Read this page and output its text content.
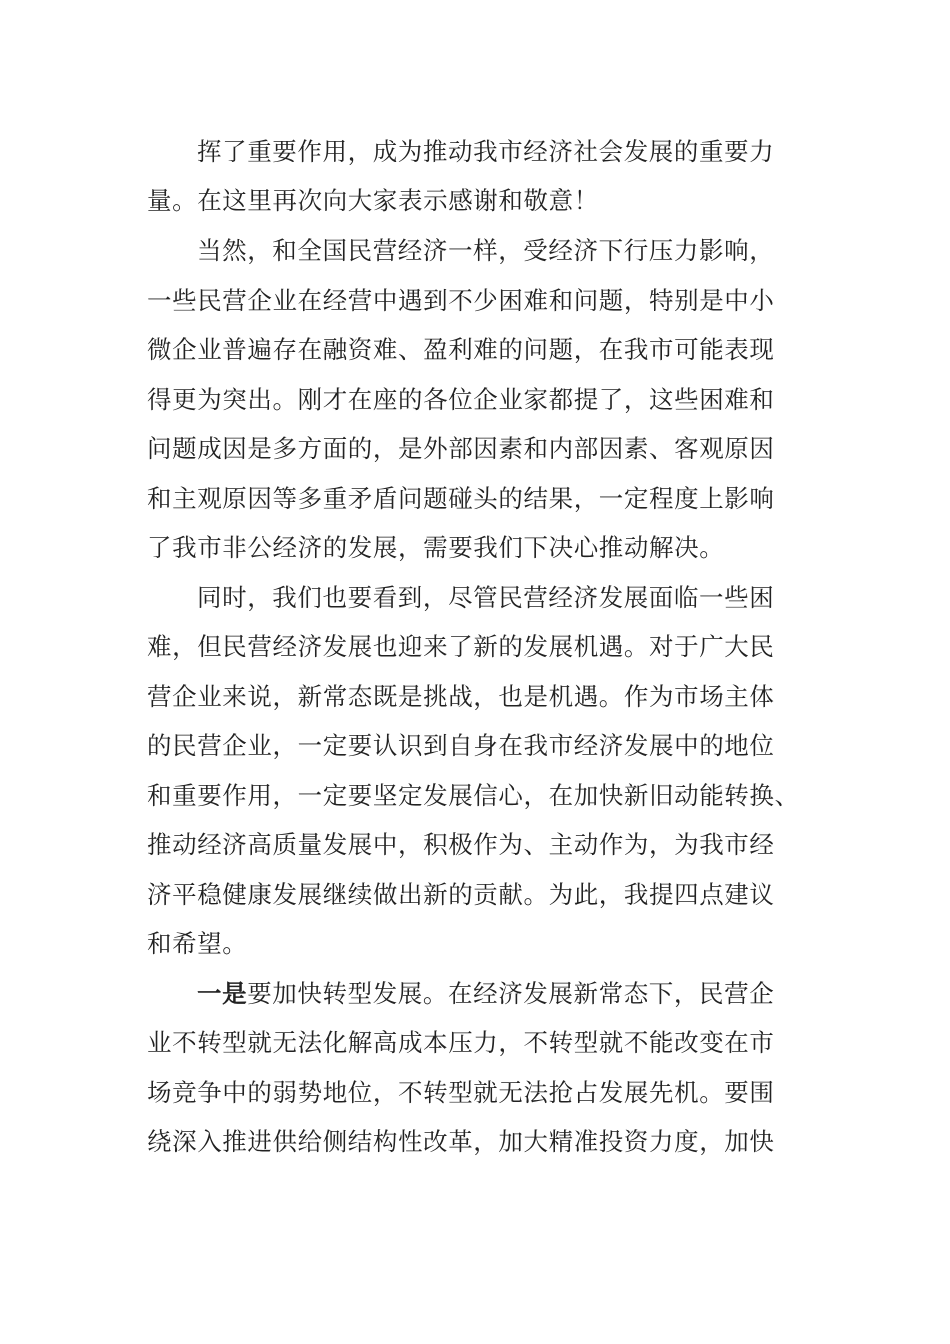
挥了重要作用，成为推动我市经济社会发展的重要力
量。在这里再次向大家表示感谢和敬意！
当然，和全国民营经济一样，受经济下行压力影响，
一些民营企业在经营中遇到不少困难和问题，特别是中小
微企业普遍存在融资难、盈利难的问题，在我市可能表现
得更为突出。刚才在座的各位企业家都提了，这些困难和
问题成因是多方面的，是外部因素和内部因素、客观原因
和主观原因等多重矛盾问题碰头的结果，一定程度上影响
了我市非公经济的发展，需要我们下决心推动解决。
同时，我们也要看到，尽管民营经济发展面临一些困
难，但民营经济发展也迎来了新的发展机遇。对于广大民
营企业来说，新常态既是挑战，也是机遇。作为市场主体
的民营企业，一定要认识到自身在我市经济发展中的地位
和重要作用，一定要坚定发展信心，在加快新旧动能转换、
推动经济高质量发展中，积极作为、主动作为，为我市经
济平稳健康发展继续做出新的贡献。为此，我提四点建议
和希望。
一是要加快转型发展。在经济发展新常态下，民营企
业不转型就无法化解高成本压力，不转型就不能改变在市
场竞争中的弱势地位，不转型就无法抢占发展先机。要围
绕深入推进供给侧结构性改革，加大精准投资力度，加快
